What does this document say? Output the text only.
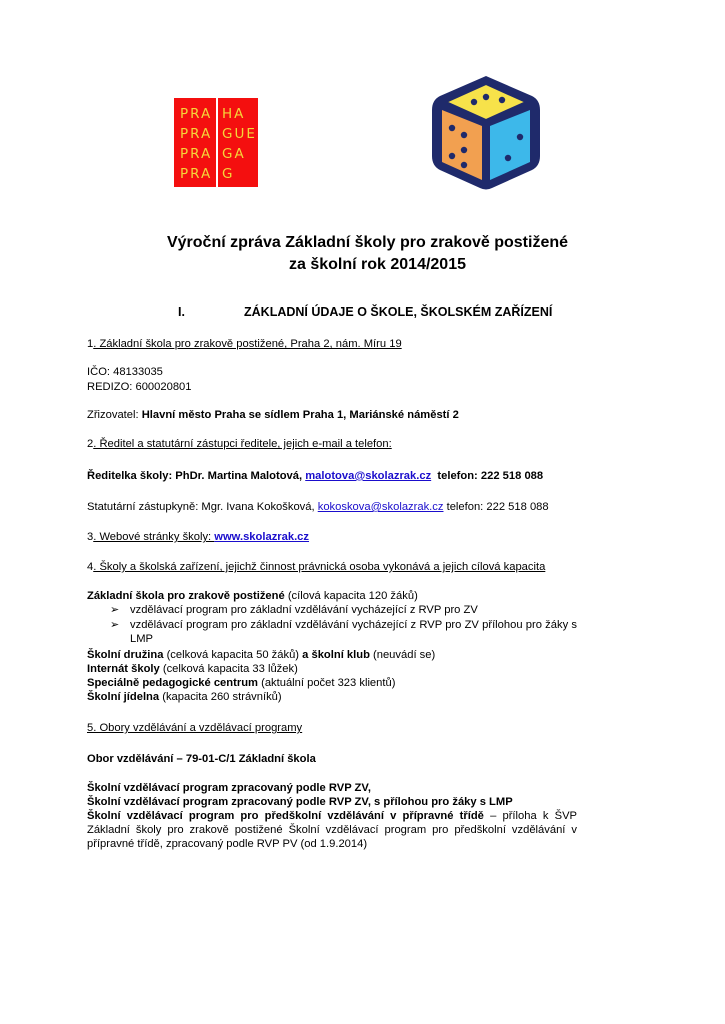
PRA
PRA
PRA
PRA
HA
GUE
GA
G
Výroční zpráva Základní školy pro zrakově postižené
za školní rok 2014/2015
I.	ZÁKLADNÍ ÚDAJE O ŠKOLE, ŠKOLSKÉM ZAŘÍZENÍ
1. Základní škola pro zrakově postižené, Praha 2, nám. Míru 19
IČO: 48133035
REDIZO: 600020801
Zřizovatel: Hlavní město Praha se sídlem Praha 1, Mariánské náměstí 2
2. Ředitel a statutární zástupci ředitele, jejich e-mail a telefon:
Ředitelka školy: PhDr. Martina Malotová, malotova@skolazrak.cz  telefon: 222 518 088
Statutární zástupkyně: Mgr. Ivana Kokošková, kokoskova@skolazrak.cz telefon: 222 518 088
3. Webové stránky školy: www.skolazrak.cz
4. Školy a školská zařízení, jejichž činnost právnická osoba vykonává a jejich cílová kapacita
Základní škola pro zrakově postižené (cílová kapacita 120 žáků)
➢ vzdělávací program pro základní vzdělávání vycházející z RVP pro ZV
➢ vzdělávací program pro základní vzdělávání vycházející z RVP pro ZV přílohou pro žáky s LMP
Školní družina (celková kapacita 50 žáků) a školní klub (neuvádí se)
Internát školy (celková kapacita 33 lůžek)
Speciálně pedagogické centrum (aktuální počet 323 klientů)
Školní jídelna (kapacita 260 strávníků)
5. Obory vzdělávání a vzdělávací programy
Obor vzdělávání – 79-01-C/1 Základní škola
Školní vzdělávací program zpracovaný podle RVP ZV,
Školní vzdělávací program zpracovaný podle RVP ZV, s přílohou pro žáky s LMP
Školní vzdělávací program pro předškolní vzdělávání v přípravné třídě – příloha k ŠVP Základní školy pro zrakově postižené Školní vzdělávací program pro předškolní vzdělávání v přípravné třídě, zpracovaný podle RVP PV (od 1.9.2014)
